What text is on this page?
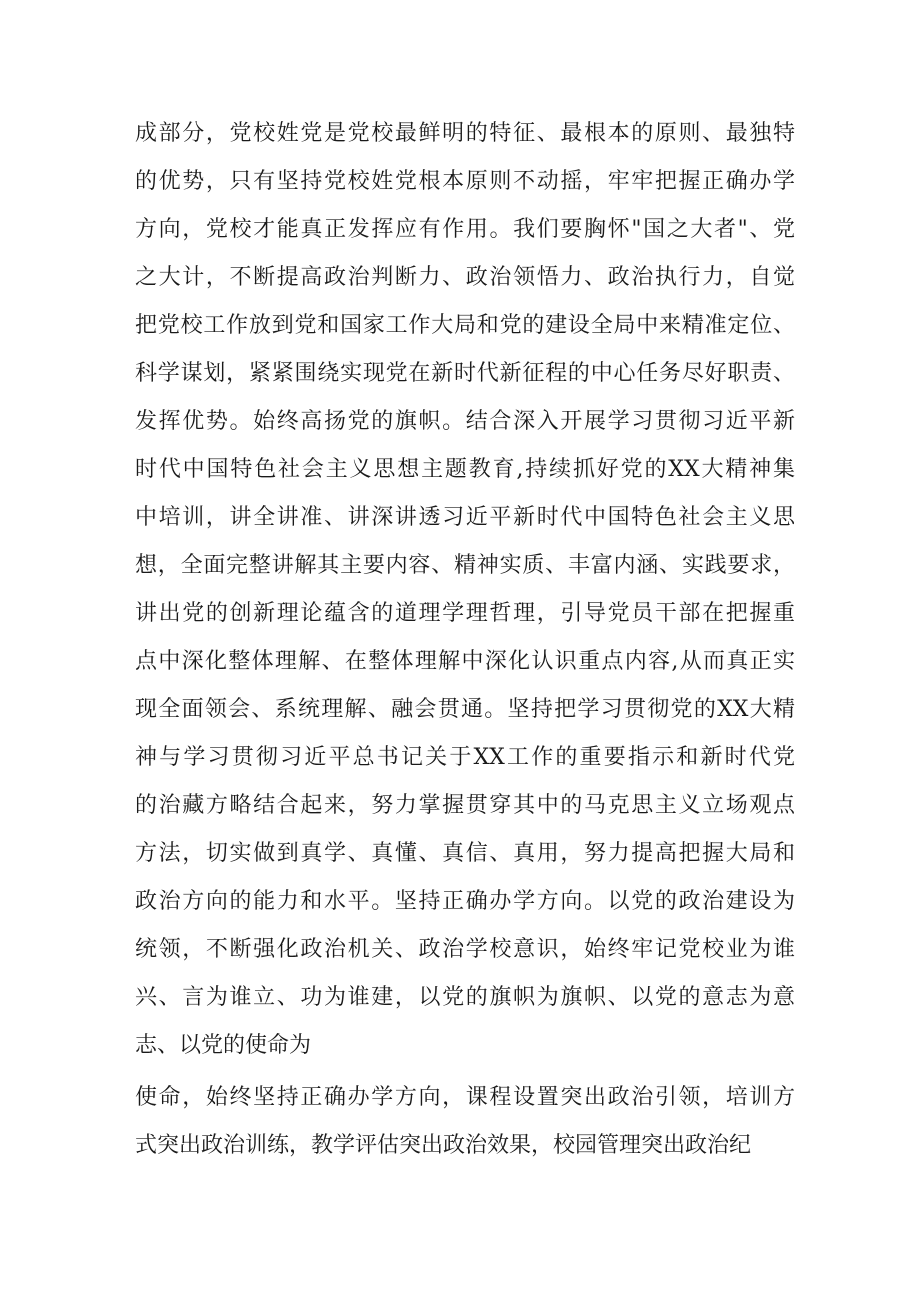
成部分，党校姓党是党校最鲜明的特征、最根本的原则、最独特
的优势，只有坚持党校姓党根本原则不动摇，牢牢把握正确办学
方向，党校才能真正发挥应有作用。我们要胸怀"国之大者"、党
之大计，不断提高政治判断力、政治领悟力、政治执行力，自觉
把党校工作放到党和国家工作大局和党的建设全局中来精准定位、
科学谋划，紧紧围绕实现党在新时代新征程的中心任务尽好职责、
发挥优势。始终高扬党的旗帜。结合深入开展学习贯彻习近平新
时代中国特色社会主义思想主题教育,持续抓好党的XX大精神集
中培训，讲全讲准、讲深讲透习近平新时代中国特色社会主义思
想，全面完整讲解其主要内容、精神实质、丰富内涵、实践要求，
讲出党的创新理论蕴含的道理学理哲理，引导党员干部在把握重
点中深化整体理解、在整体理解中深化认识重点内容,从而真正实
现全面领会、系统理解、融会贯通。坚持把学习贯彻党的XX大精
神与学习贯彻习近平总书记关于XX工作的重要指示和新时代党
的治藏方略结合起来，努力掌握贯穿其中的马克思主义立场观点
方法，切实做到真学、真懂、真信、真用，努力提高把握大局和
政治方向的能力和水平。坚持正确办学方向。以党的政治建设为
统领，不断强化政治机关、政治学校意识，始终牢记党校业为谁
兴、言为谁立、功为谁建，以党的旗帜为旗帜、以党的意志为意
志、以党的使命为
使命，始终坚持正确办学方向，课程设置突出政治引领，培训方
式突出政治训练，教学评估突出政治效果，校园管理突出政治纪
